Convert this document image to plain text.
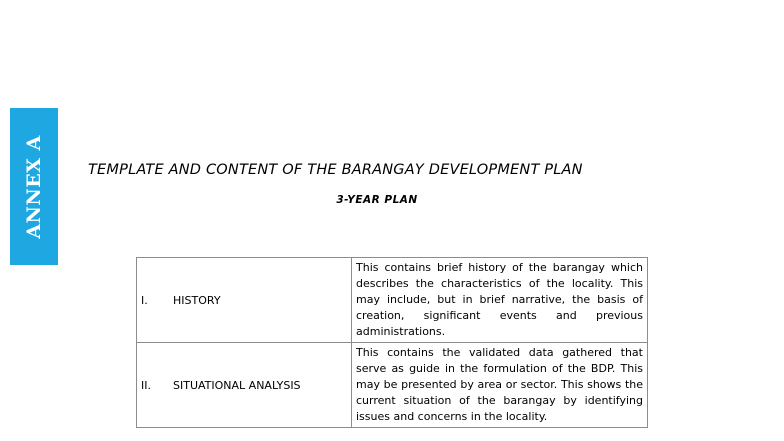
ANNEX A	TEMPLATE AND CONTENT OF THE BARANGAY DEVELOPMENT PLAN
3-YEAR PLAN
I. HISTORY	This contains brief history of the barangay which describes the characteristics of the locality. This may include, but in brief narrative, the basis of creation, significant events and previous administrations.
II. SITUATIONAL ANALYSIS	This contains the validated data gathered that serve as guide in the formulation of the BDP. This may be presented by area or sector. This shows the current situation of the barangay by identifying issues and concerns in the locality.
